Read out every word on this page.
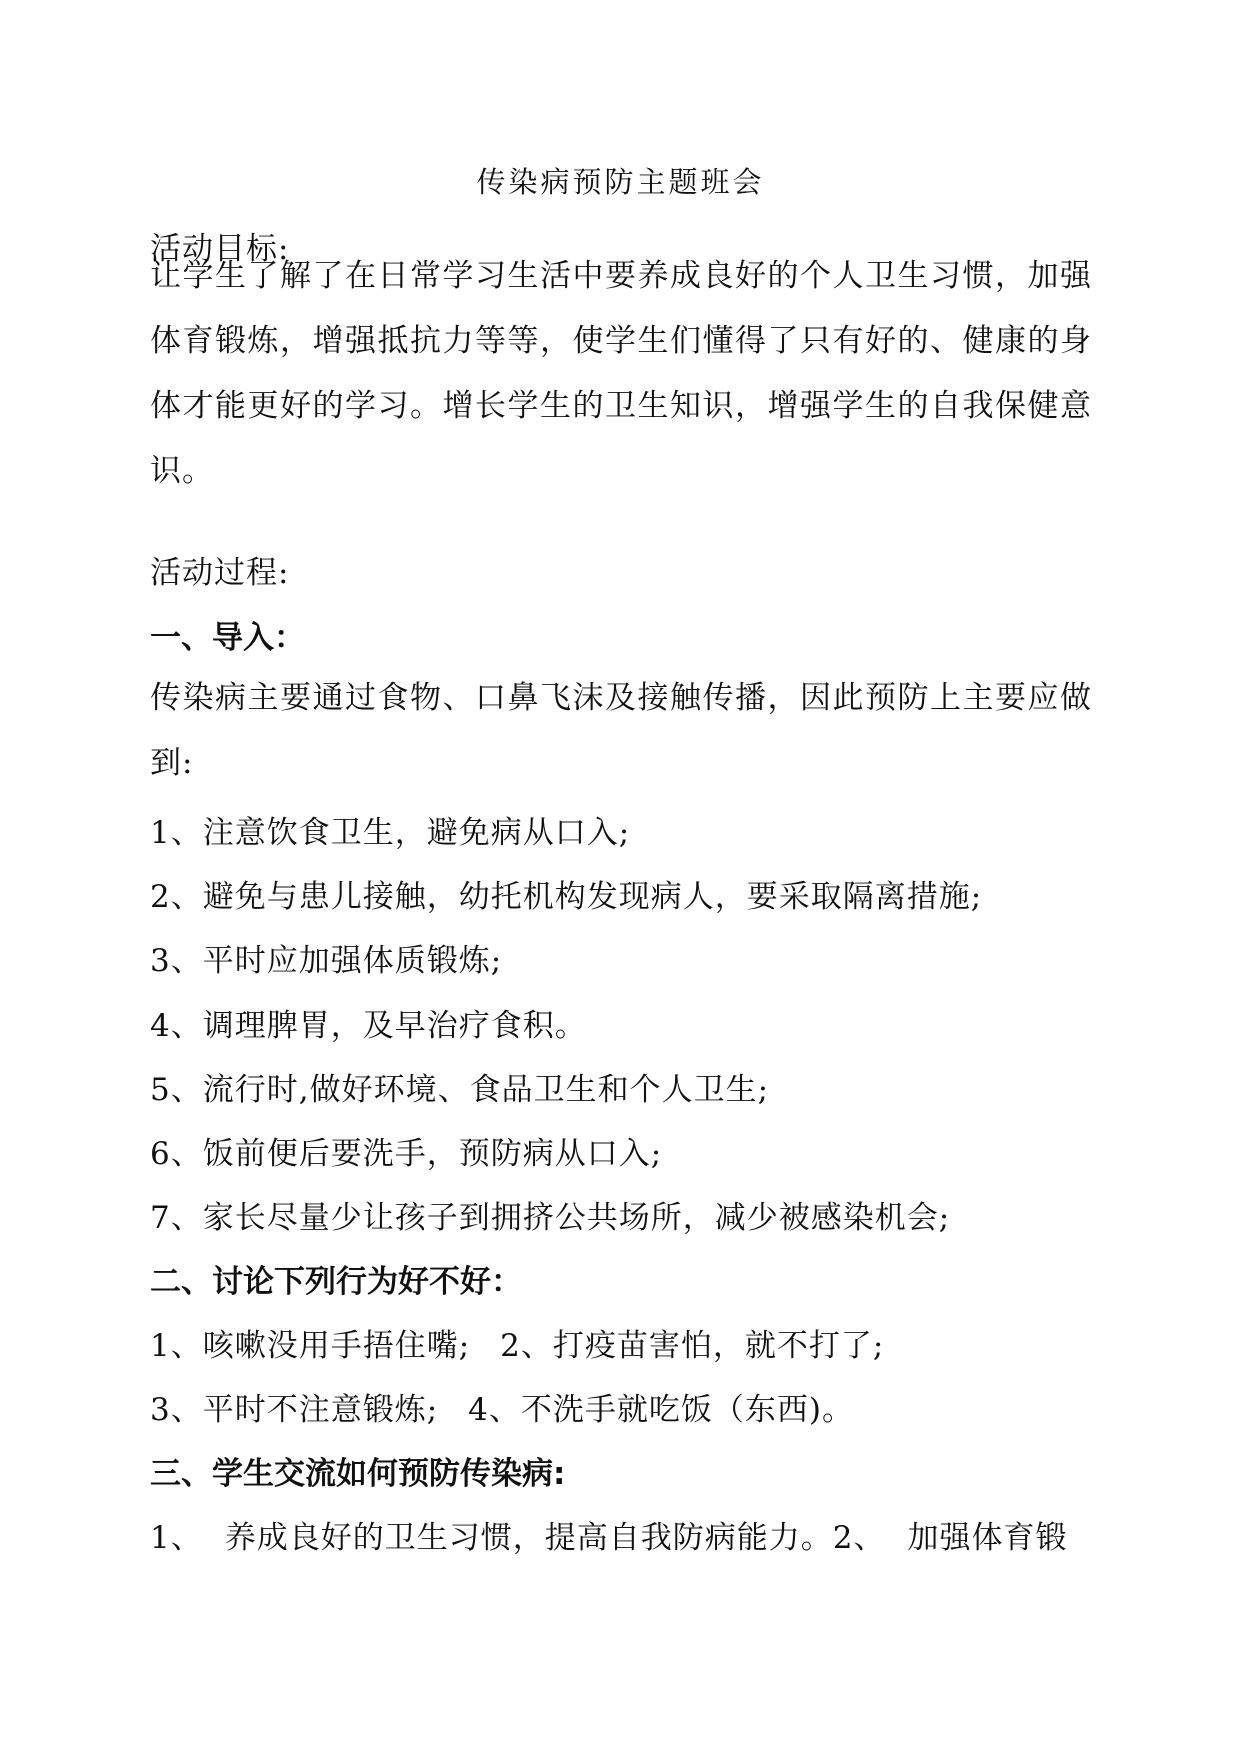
传染病预防主题班会
活动目标:
让学生了解了在日常学习生活中要养成良好的个人卫生习惯，加强体育锻炼，增强抵抗力等等，使学生们懂得了只有好的、健康的身体才能更好的学习。增长学生的卫生知识，增强学生的自我保健意识。
活动过程:
一、导入：
传染病主要通过食物、口鼻飞沫及接触传播，因此预防上主要应做到:
1、注意饮食卫生，避免病从口入;
2、避免与患儿接触，幼托机构发现病人，要采取隔离措施;
3、平时应加强体质锻炼;
4、调理脾胃，及早治疗食积。
5、流行时,做好环境、食品卫生和个人卫生;
6、饭前便后要洗手，预防病从口入;
7、家长尽量少让孩子到拥挤公共场所，减少被感染机会;
二、讨论下列行为好不好：
1、咳嗽没用手捂住嘴; 2、打疫苗害怕，就不打了;
3、平时不注意锻炼; 4、不洗手就吃饭（东西)。
三、学生交流如何预防传染病:
1、 养成良好的卫生习惯，提高自我防病能力。2、 加强体育锻
